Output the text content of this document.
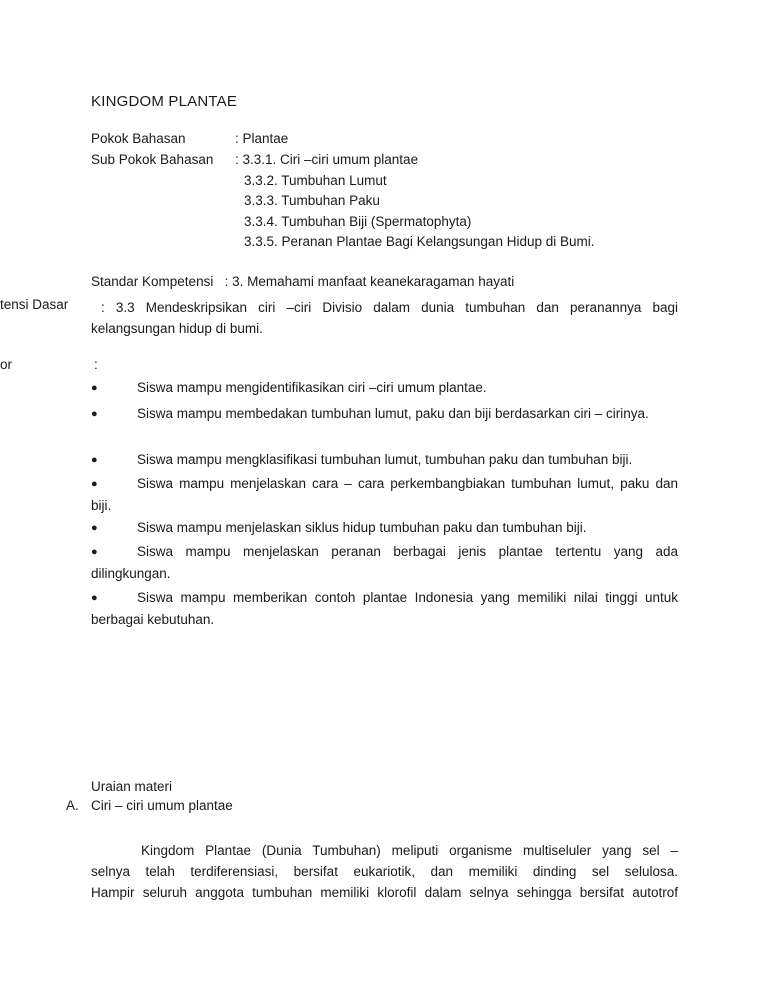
KINGDOM PLANTAE
Pokok Bahasan	: Plantae
Sub Pokok Bahasan : 3.3.1. Ciri –ciri umum plantae
3.3.2. Tumbuhan Lumut
3.3.3. Tumbuhan Paku
3.3.4. Tumbuhan Biji (Spermatophyta)
3.3.5. Peranan Plantae Bagi Kelangsungan Hidup di Bumi.
Standar Kompetensi   : 3. Memahami manfaat keanekaragaman hayati
tensi Dasar	: 3.3 Mendeskripsikan ciri –ciri Divisio dalam dunia tumbuhan dan peranannya bagi
kelangsungan hidup di bumi.
or	:
●	Siswa mampu mengidentifikasikan ciri –ciri umum plantae.
●	Siswa mampu membedakan tumbuhan lumut, paku dan biji berdasarkan ciri – cirinya.
●	Siswa mampu mengklasifikasi tumbuhan lumut, tumbuhan paku dan tumbuhan biji.
●	Siswa mampu menjelaskan cara – cara perkembangbiakan tumbuhan lumut, paku dan biji.
●	Siswa mampu menjelaskan siklus hidup tumbuhan paku dan tumbuhan biji.
●	Siswa mampu menjelaskan peranan berbagai jenis plantae tertentu yang ada dilingkungan.
●	Siswa mampu memberikan contoh plantae Indonesia yang memiliki nilai tinggi untuk berbagai kebutuhan.
Uraian materi
A. Ciri – ciri umum plantae
Kingdom Plantae (Dunia Tumbuhan) meliputi organisme multiseluler yang sel –
selnya telah terdiferensiasi, bersifat eukariotik, dan memiliki dinding sel selulosa.
Hampir seluruh anggota tumbuhan memiliki klorofil dalam selnya sehingga bersifat autotrof
